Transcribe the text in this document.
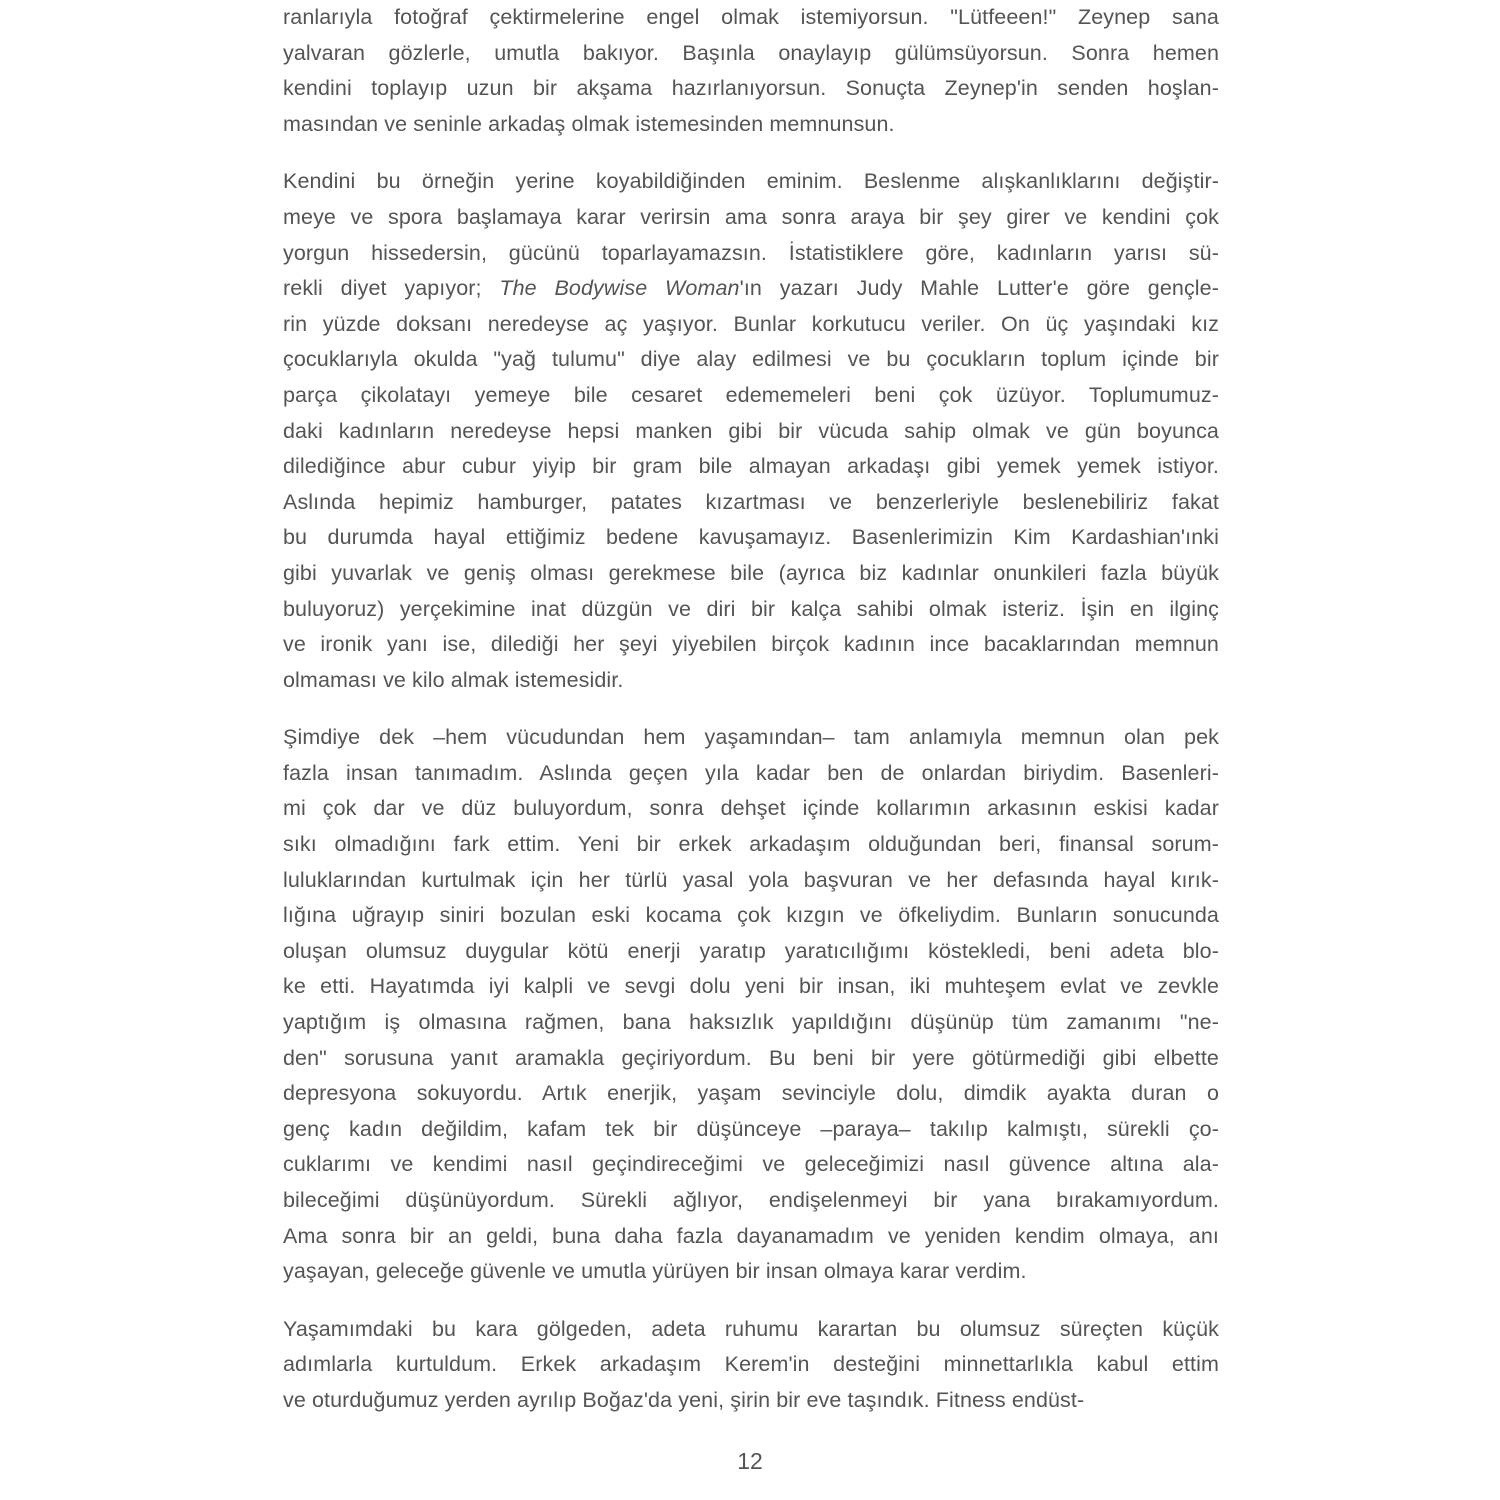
ranlarıyla fotoğraf çektirmelerine engel olmak istemiyorsun. "Lütfeeen!" Zeynep sana
yalvaran gözlerle, umutla bakıyor. Başınla onaylayıp gülümsüyorsun. Sonra hemen
kendini toplayıp uzun bir akşama hazırlanıyorsun. Sonuçta Zeynep'in senden hoşlan-
masından ve seninle arkadaş olmak istemesinden memnunsun.
Kendini bu örneğin yerine koyabildiğinden eminim. Beslenme alışkanlıklarını değiştir-
meye ve spora başlamaya karar verirsin ama sonra araya bir şey girer ve kendini çok
yorgun hissedersin, gücünü toparlayamazsın. İstatistiklere göre, kadınların yarısı sü-
rekli diyet yapıyor; The Bodywise Woman'ın yazarı Judy Mahle Lutter'e göre gençle-
rin yüzde doksanı neredeyse aç yaşıyor. Bunlar korkutucu veriler. On üç yaşındaki kız
çocuklarıyla okulda "yağ tulumu" diye alay edilmesi ve bu çocukların toplum içinde bir
parça çikolatayı yemeye bile cesaret edememeleri beni çok üzüyor. Toplumumuz-
daki kadınların neredeyse hepsi manken gibi bir vücuda sahip olmak ve gün boyunca
dilediğince abur cubur yiyip bir gram bile almayan arkadaşı gibi yemek yemek istiyor.
Aslında hepimiz hamburger, patates kızartması ve benzerleriyle beslenebiliriz fakat
bu durumda hayal ettiğimiz bedene kavuşamayız. Basenlerimizin Kim Kardashian'ınki
gibi yuvarlak ve geniş olması gerekmese bile (ayrıca biz kadınlar onunkileri fazla büyük
buluyoruz) yerçekimine inat düzgün ve diri bir kalça sahibi olmak isteriz. İşin en ilginç
ve ironik yanı ise, dilediği her şeyi yiyebilen birçok kadının ince bacaklarından memnun
olmaması ve kilo almak istemesidir.
Şimdiye dek –hem vücudundan hem yaşamından– tam anlamıyla memnun olan pek
fazla insan tanımadım. Aslında geçen yıla kadar ben de onlardan biriydim. Basenleri-
mi çok dar ve düz buluyordum, sonra dehşet içinde kollarımın arkasının eskisi kadar
sıkı olmadığını fark ettim. Yeni bir erkek arkadaşım olduğundan beri, finansal sorum-
luluklarından kurtulmak için her türlü yasal yola başvuran ve her defasında hayal kırık-
lığına uğrayıp siniri bozulan eski kocama çok kızgın ve öfkeliydim. Bunların sonucunda
oluşan olumsuz duygular kötü enerji yaratıp yaratıcılığımı köstekledi, beni adeta blo-
ke etti. Hayatımda iyi kalpli ve sevgi dolu yeni bir insan, iki muhteşem evlat ve zevkle
yaptığım iş olmasına rağmen, bana haksızlık yapıldığını düşünüp tüm zamanımı "ne-
den" sorusuna yanıt aramakla geçiriyordum. Bu beni bir yere götürmediği gibi elbette
depresyona sokuyordu. Artık enerjik, yaşam sevinciyle dolu, dimdik ayakta duran o
genç kadın değildim, kafam tek bir düşünceye –paraya– takılıp kalmıştı, sürekli ço-
cuklarımı ve kendimi nasıl geçindireceğimi ve geleceğimizi nasıl güvence altına ala-
bileceğimi düşünüyordum. Sürekli ağlıyor, endişelenmeyi bir yana bırakamıyordum.
Ama sonra bir an geldi, buna daha fazla dayanamadım ve yeniden kendim olmaya, anı
yaşayan, geleceğe güvenle ve umutla yürüyen bir insan olmaya karar verdim.
Yaşamımdaki bu kara gölgeden, adeta ruhumu karartan bu olumsuz süreçten küçük
adımlarla kurtuldum. Erkek arkadaşım Kerem'in desteğini minnettarlıkla kabul ettim
ve oturduğumuz yerden ayrılıp Boğaz'da yeni, şirin bir eve taşındık. Fitness endüst-
12
